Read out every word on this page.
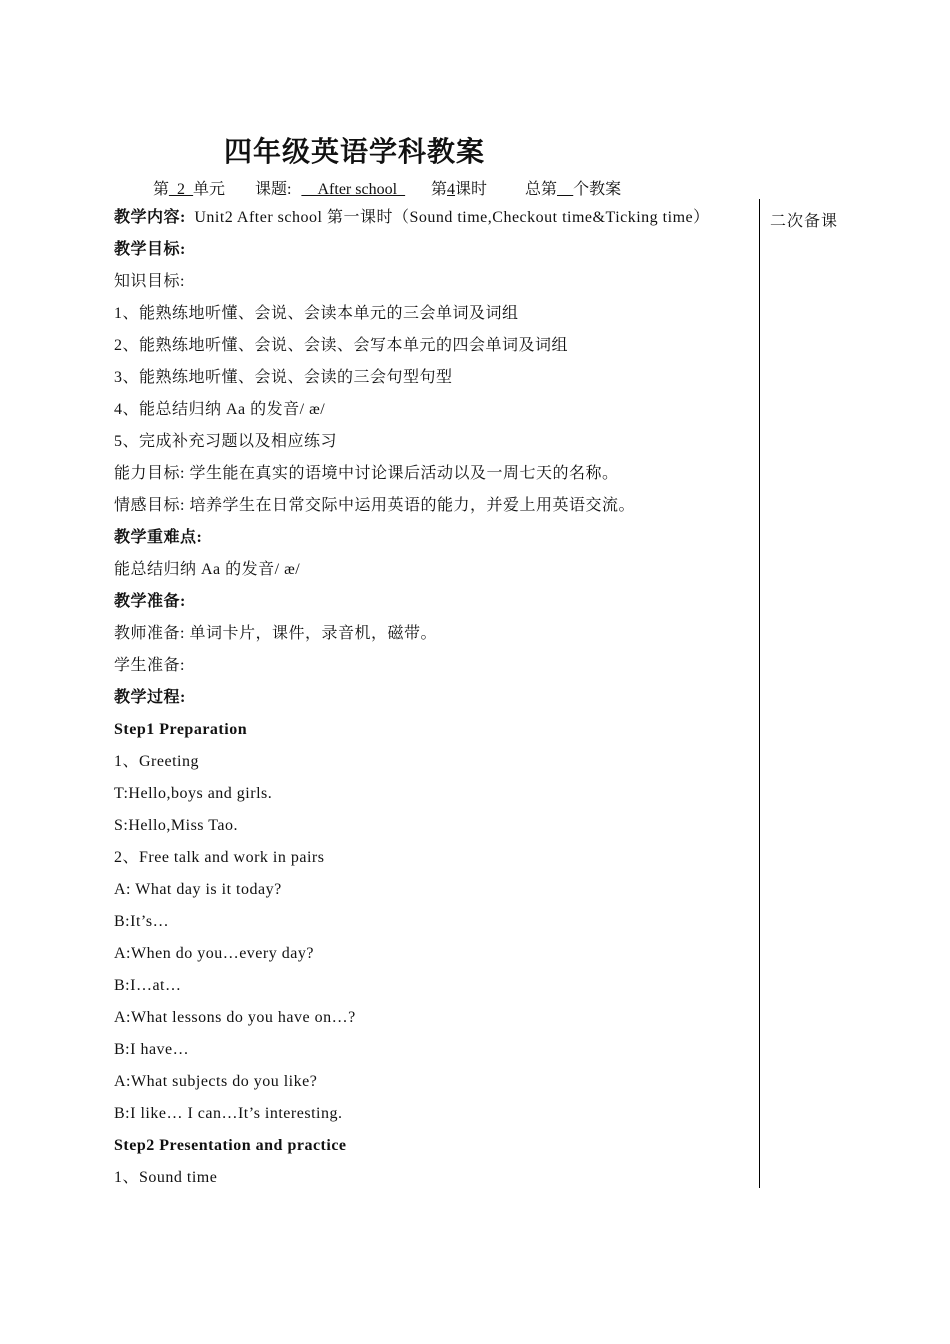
四年级英语学科教案
第_2_单元 课题: __After school_ 第4课时 总第__个教案
二次备课
教学内容: Unit2 After school 第一课时（Sound time,Checkout time&Ticking time）
教学目标:
知识目标:
1、能熟练地听懂、会说、会读本单元的三会单词及词组
2、能熟练地听懂、会说、会读、会写本单元的四会单词及词组
3、能熟练地听懂、会说、会读的三会句型句型
4、能总结归纳 Aa 的发音/ æ/
5、完成补充习题以及相应练习
能力目标: 学生能在真实的语境中讨论课后活动以及一周七天的名称。
情感目标: 培养学生在日常交际中运用英语的能力，并爱上用英语交流。
教学重难点:
能总结归纳 Aa 的发音/ æ/
教学准备:
教师准备: 单词卡片，课件，录音机，磁带。
学生准备:
教学过程:
Step1 Preparation
1、Greeting
T:Hello,boys and girls.
S:Hello,Miss Tao.
2、Free talk and work in pairs
A: What day is it today?
B:It’s…
A:When do you…every day?
B:I…at…
A:What lessons do you have on…?
B:I have…
A:What subjects do you like?
B:I like… I can…It’s interesting.
Step2 Presentation and practice
1、Sound time
